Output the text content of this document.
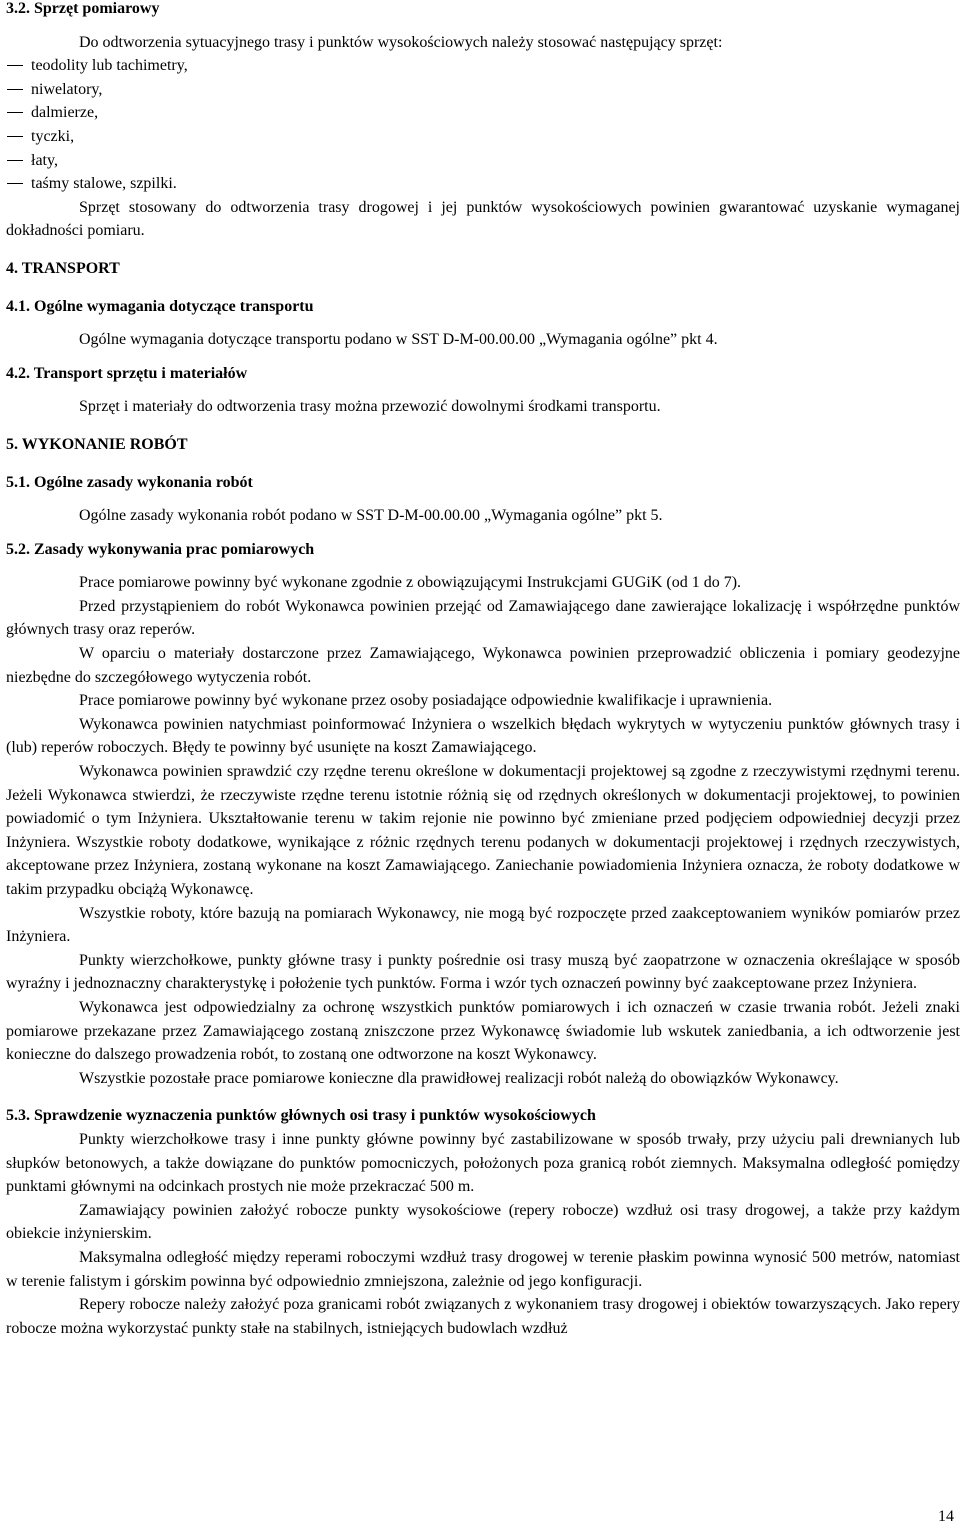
3.2. Sprzęt pomiarowy

Do odtworzenia sytuacyjnego trasy i punktów wysokościowych należy stosować następujący sprzęt:

teodolity lub tachimetry,

niwelatory,

dalmierze,

tyczki,

łaty,

taśmy stalowe, szpilki.

Sprzęt stosowany do odtworzenia trasy drogowej i jej punktów wysokościowych powinien gwarantować uzyskanie wymaganej dokładności pomiaru.

4. TRANSPORT

4.1. Ogólne wymagania dotyczące transportu

Ogólne wymagania dotyczące transportu podano w SST D-M-00.00.00 „Wymagania ogólne” pkt 4.

4.2. Transport sprzętu i materiałów

Sprzęt i materiały do odtworzenia trasy można przewozić dowolnymi środkami transportu.

5. WYKONANIE ROBÓT

5.1. Ogólne zasady wykonania robót

Ogólne zasady wykonania robót podano w SST D-M-00.00.00 „Wymagania ogólne” pkt 5.

5.2. Zasady wykonywania prac pomiarowych

Prace pomiarowe powinny być wykonane zgodnie z obowiązującymi Instrukcjami GUGiK (od 1 do 7).

Przed przystąpieniem do robót Wykonawca powinien przejąć od Zamawiającego dane zawierające lokalizację i współrzędne punktów głównych trasy oraz reperów.

W oparciu o materiały dostarczone przez Zamawiającego, Wykonawca powinien przeprowadzić obliczenia i pomiary geodezyjne niezbędne do szczegółowego wytyczenia robót.

Prace pomiarowe powinny być wykonane przez osoby posiadające odpowiednie kwalifikacje i uprawnienia.

Wykonawca powinien natychmiast poinformować Inżyniera o wszelkich błędach wykrytych w wytyczeniu punktów głównych trasy i (lub) reperów roboczych. Błędy te powinny być usunięte na koszt Zamawiającego.

Wykonawca powinien sprawdzić czy rzędne terenu określone w dokumentacji projektowej są zgodne z rzeczywistymi rzędnymi terenu. Jeżeli Wykonawca stwierdzi, że rzeczywiste rzędne terenu istotnie różnią się od rzędnych określonych w dokumentacji projektowej, to powinien powiadomić o tym Inżyniera. Ukształtowanie terenu w takim rejonie nie powinno być zmieniane przed podjęciem odpowiedniej decyzji przez Inżyniera. Wszystkie roboty dodatkowe, wynikające z różnic rzędnych terenu podanych w dokumentacji projektowej i rzędnych rzeczywistych, akceptowane przez Inżyniera, zostaną wykonane na koszt Zamawiającego. Zaniechanie powiadomienia Inżyniera oznacza, że roboty dodatkowe w takim przypadku obciążą Wykonawcę.

Wszystkie roboty, które bazują na pomiarach Wykonawcy, nie mogą być rozpoczęte przed zaakceptowaniem wyników pomiarów przez Inżyniera.

Punkty wierzchołkowe, punkty główne trasy i punkty pośrednie osi trasy muszą być zaopatrzone w oznaczenia określające w sposób wyraźny i jednoznaczny charakterystykę i położenie tych punktów. Forma i wzór tych oznaczeń powinny być zaakceptowane przez Inżyniera.

Wykonawca jest odpowiedzialny za ochronę wszystkich punktów pomiarowych i ich oznaczeń w czasie trwania robót. Jeżeli znaki pomiarowe przekazane przez Zamawiającego zostaną zniszczone przez Wykonawcę świadomie lub wskutek zaniedbania, a ich odtworzenie jest konieczne do dalszego prowadzenia robót, to zostaną one odtworzone na koszt Wykonawcy.

Wszystkie pozostałe prace pomiarowe konieczne dla prawidłowej realizacji robót należą do obowiązków Wykonawcy.

5.3. Sprawdzenie wyznaczenia punktów głównych osi trasy i punktów wysokościowych

Punkty wierzchołkowe trasy i inne punkty główne powinny być zastabilizowane w sposób trwały, przy użyciu pali drewnianych lub słupków betonowych, a także dowiązane do punktów pomocniczych, położonych poza granicą robót ziemnych. Maksymalna odległość pomiędzy punktami głównymi na odcinkach prostych nie może przekraczać 500 m.

Zamawiający powinien założyć robocze punkty wysokościowe (repery robocze) wzdłuż osi trasy drogowej, a także przy każdym obiekcie inżynierskim.

Maksymalna odległość między reperami roboczymi wzdłuż trasy drogowej w terenie płaskim powinna wynosić 500 metrów, natomiast w terenie falistym i górskim powinna być odpowiednio zmniejszona, zależnie od jego konfiguracji.

Repery robocze należy założyć poza granicami robót związanych z wykonaniem trasy drogowej i obiektów towarzyszących. Jako repery robocze można wykorzystać punkty stałe na stabilnych, istniejących budowlach wzdłuż

14
